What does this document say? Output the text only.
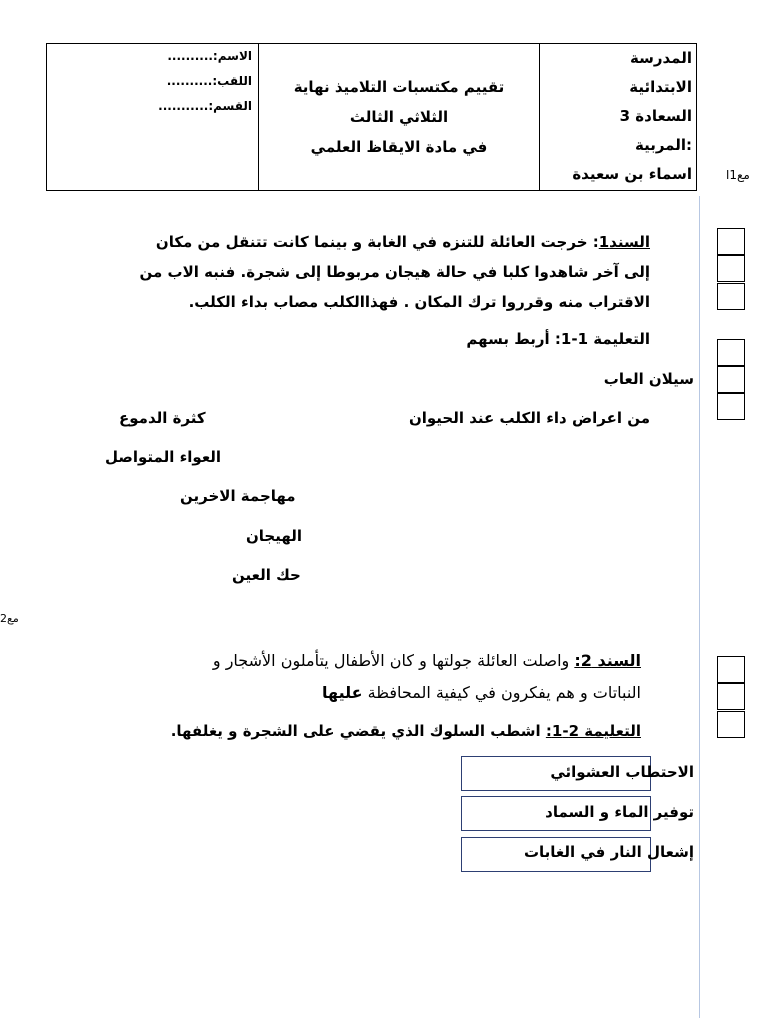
المدرسة
الابتدائية
السعادة 3
:المربية
اسماء بن سعيدة
تقييم مكتسبات التلاميذ نهاية
الثلاثي الثالث
في مادة الايقاظ العلمي
الاسم:..........
اللقب:..........
القسم:...........
مع1ا
مع2
السند1: خرجت العائلة للتنزه في الغابة و بينما كانت تتنقل من مكان
إلى آخر شاهدوا كلبا في حالة هيجان مربوطا إلى شجرة. فنبه الاب من
الاقتراب منه وقرروا ترك المكان . فهذاالكلب مصاب بداء الكلب.
التعليمة 1-1: أربط بسهم
سيلان العاب
من اعراض داء الكلب عند الحيوان
كثرة الدموع
العواء المتواصل
مهاجمة الاخرين
الهيجان
حك العين
السند 2: واصلت العائلة جولتها و كان الأطفال يتأملون الأشجار و
النباتات و هم يفكرون في كيفية المحافظة عليها
التعليمة 2-1: اشطب السلوك الذي يقضي على الشجرة و يغلفها.
الاحتطاب العشوائي
توفير الماء و السماد
إشعال النار في الغابات
